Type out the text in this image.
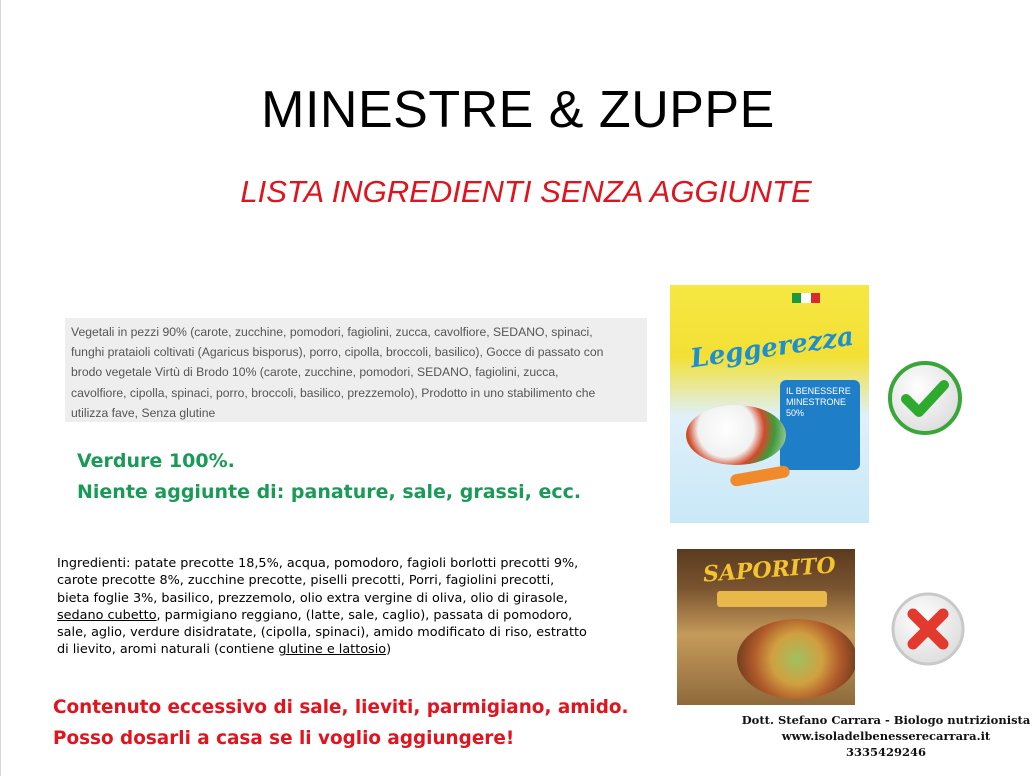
MINESTRE & ZUPPE
LISTA INGREDIENTI SENZA AGGIUNTE
Vegetali in pezzi 90% (carote, zucchine, pomodori, fagiolini, zucca, cavolfiore, SEDANO, spinaci,
funghi prataioli coltivati (Agaricus bisporus), porro, cipolla, broccoli, basilico), Gocce di passato con
brodo vegetale Virtù di Brodo 10% (carote, zucchine, pomodori, SEDANO, fagiolini, zucca,
cavolfiore, cipolla, spinaci, porro, broccoli, basilico, prezzemolo), Prodotto in uno stabilimento che
utilizza fave, Senza glutine
Verdure 100%.
Niente aggiunte di: panature, sale, grassi, ecc.
Leggerezza
IL BENESSERE MINESTRONE 50%
Ingredienti: patate precotte 18,5%, acqua, pomodoro, fagioli borlotti precotti 9%,
carote precotte 8%, zucchine precotte, piselli precotti, Porri, fagiolini precotti,
bieta foglie 3%, basilico, prezzemolo, olio extra vergine di oliva, olio di girasole,
sedano cubetto, parmigiano reggiano, (latte, sale, caglio), passata di pomodoro,
sale, aglio, verdure disidratate, (cipolla, spinaci), amido modificato di riso, estratto
di lievito, aromi naturali (contiene glutine e lattosio)
Contenuto eccessivo di sale, lieviti, parmigiano, amido.
Posso dosarli a casa se li voglio aggiungere!
SAPORITO
Dott. Stefano Carrara - Biologo nutrizionista
www.isoladelbenesserecarrara.it
3335429246
